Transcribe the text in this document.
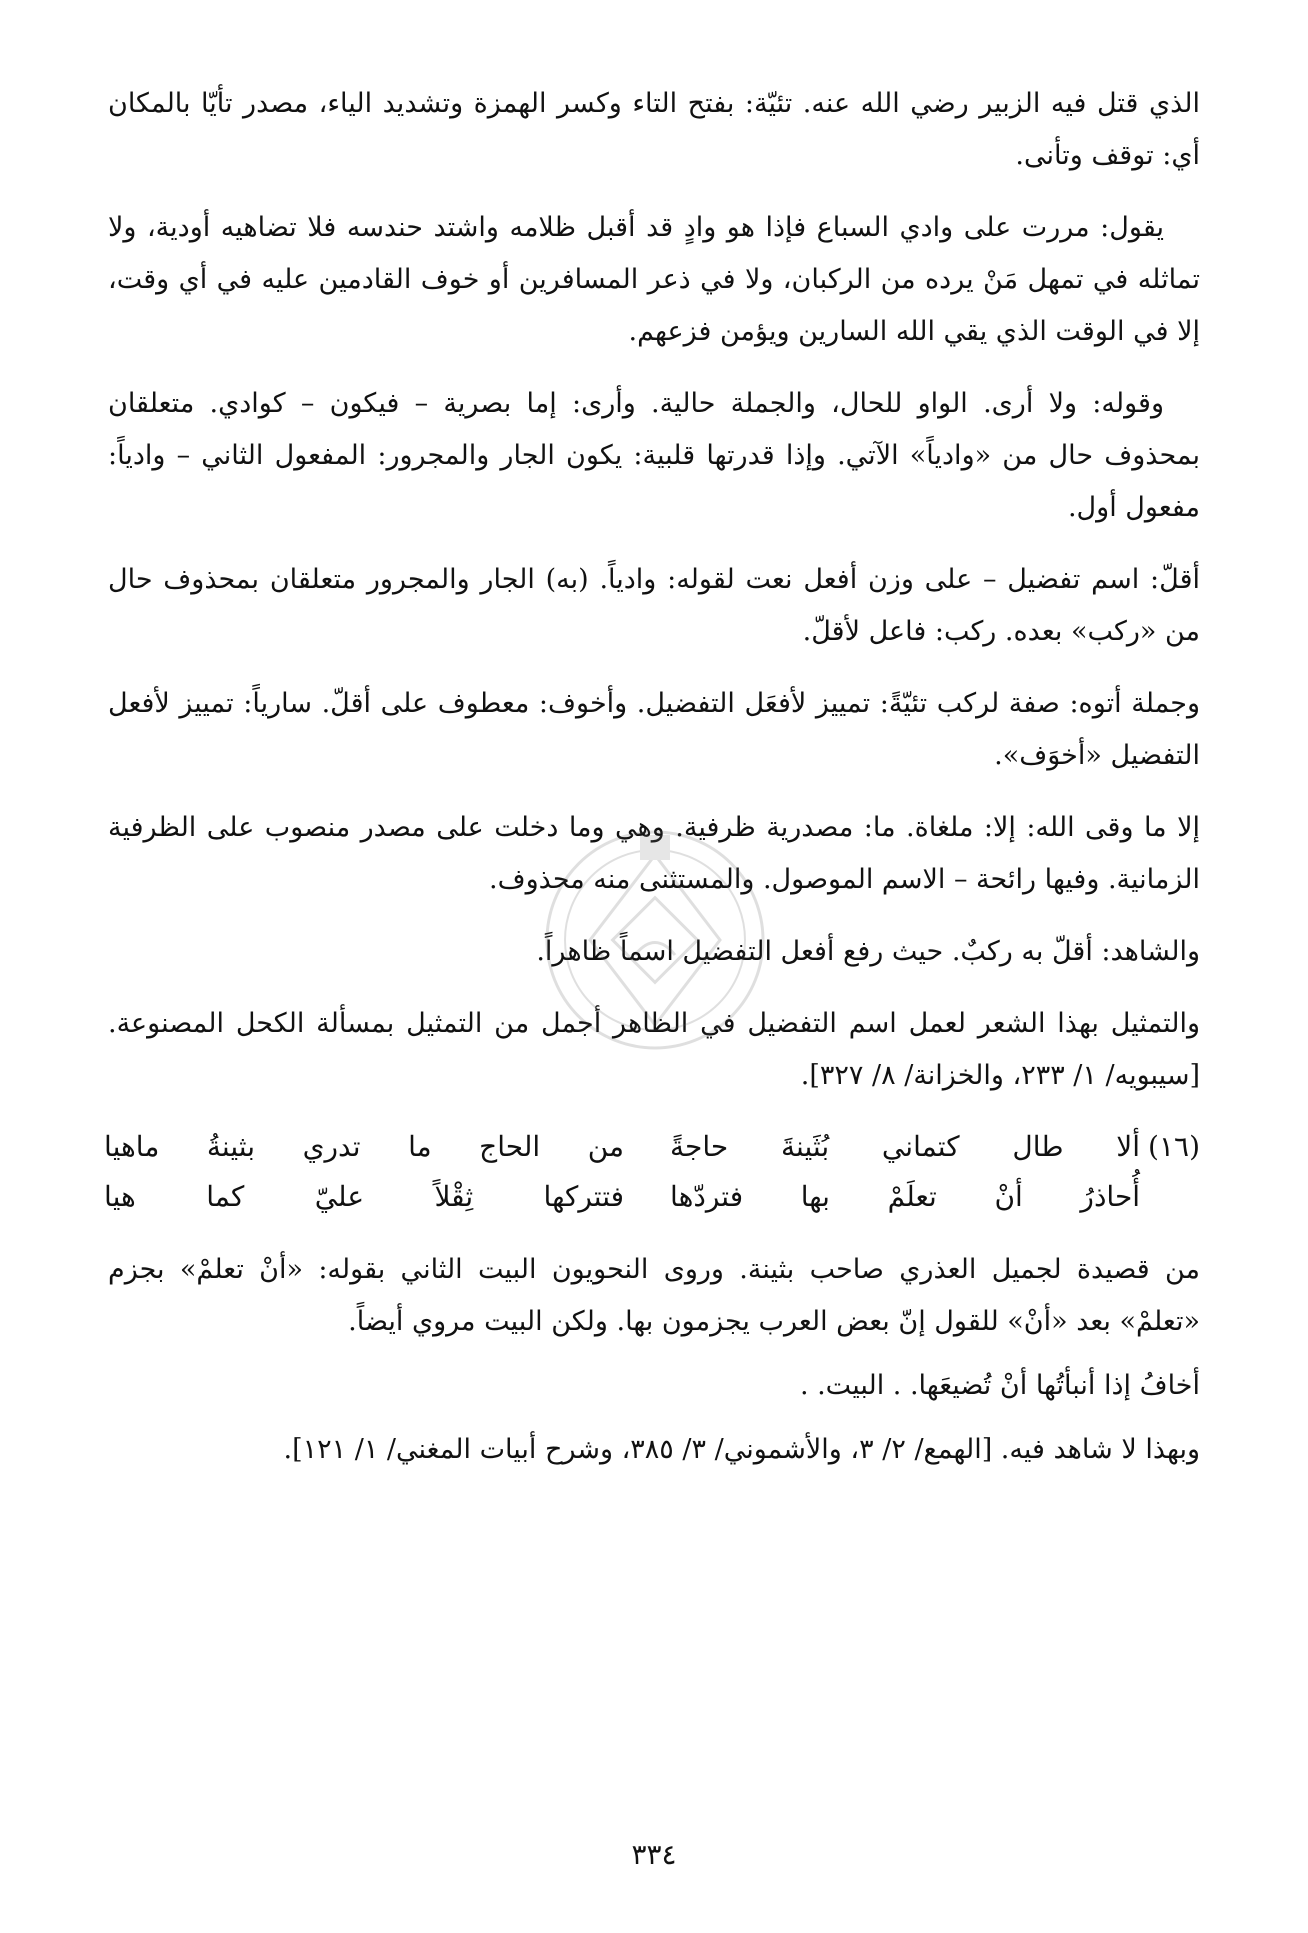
الذي قتل فيه الزبير رضي الله عنه. تئيّة: بفتح التاء وكسر الهمزة وتشديد الياء، مصدر تأيّا بالمكان أي: توقف وتأنى.

يقول: مررت على وادي السباع فإذا هو وادٍ قد أقبل ظلامه واشتد حندسه فلا تضاهيه أودية، ولا تماثله في تمهل مَنْ يرده من الركبان، ولا في ذعر المسافرين أو خوف القادمين عليه في أي وقت، إلا في الوقت الذي يقي الله السارين ويؤمن فزعهم.

وقوله: ولا أرى. الواو للحال، والجملة حالية. وأرى: إما بصرية – فيكون – كوادي. متعلقان بمحذوف حال من «وادياً» الآتي. وإذا قدرتها قلبية: يكون الجار والمجرور: المفعول الثاني – وادياً: مفعول أول.

أقلّ: اسم تفضيل – على وزن أفعل نعت لقوله: وادياً. (به) الجار والمجرور متعلقان بمحذوف حال من «ركب» بعده. ركب: فاعل لأقلّ.

وجملة أتوه: صفة لركب تئيّةً: تمييز لأفعَل التفضيل. وأخوف: معطوف على أقلّ. سارياً: تمييز لأفعل التفضيل «أخوَف».

إلا ما وقى الله: إلا: ملغاة. ما: مصدرية ظرفية. وهي وما دخلت على مصدر منصوب على الظرفية الزمانية. وفيها رائحة – الاسم الموصول. والمستثنى منه محذوف.

والشاهد: أقلّ به ركبٌ. حيث رفع أفعل التفضيل اسماً ظاهراً.

والتمثيل بهذا الشعر لعمل اسم التفضيل في الظاهر أجمل من التمثيل بمسألة الكحل المصنوعة. [سيبويه/ ١/ ٢٣٣، والخزانة/ ٨/ ٣٢٧].

(١٦)
ألا طال كتماني بُثَينةَ حاجةً
من الحاج ما تدري بثينةُ ماهيا
أُحاذرُ أنْ تعلَمْ بها فتردّها
فتتركها ثِقْلاً عليّ كما هيا

من قصيدة لجميل العذري صاحب بثينة. وروى النحويون البيت الثاني بقوله: «أنْ تعلمْ» بجزم «تعلمْ» بعد «أنْ» للقول إنّ بعض العرب يجزمون بها. ولكن البيت مروي أيضاً.

أخافُ إذا أنبأتُها أنْ تُضيعَها. . البيت. .

وبهذا لا شاهد فيه. [الهمع/ ٢/ ٣، والأشموني/ ٣/ ٣٨٥، وشرح أبيات المغني/ ١/ ١٢١].

٣٣٤
